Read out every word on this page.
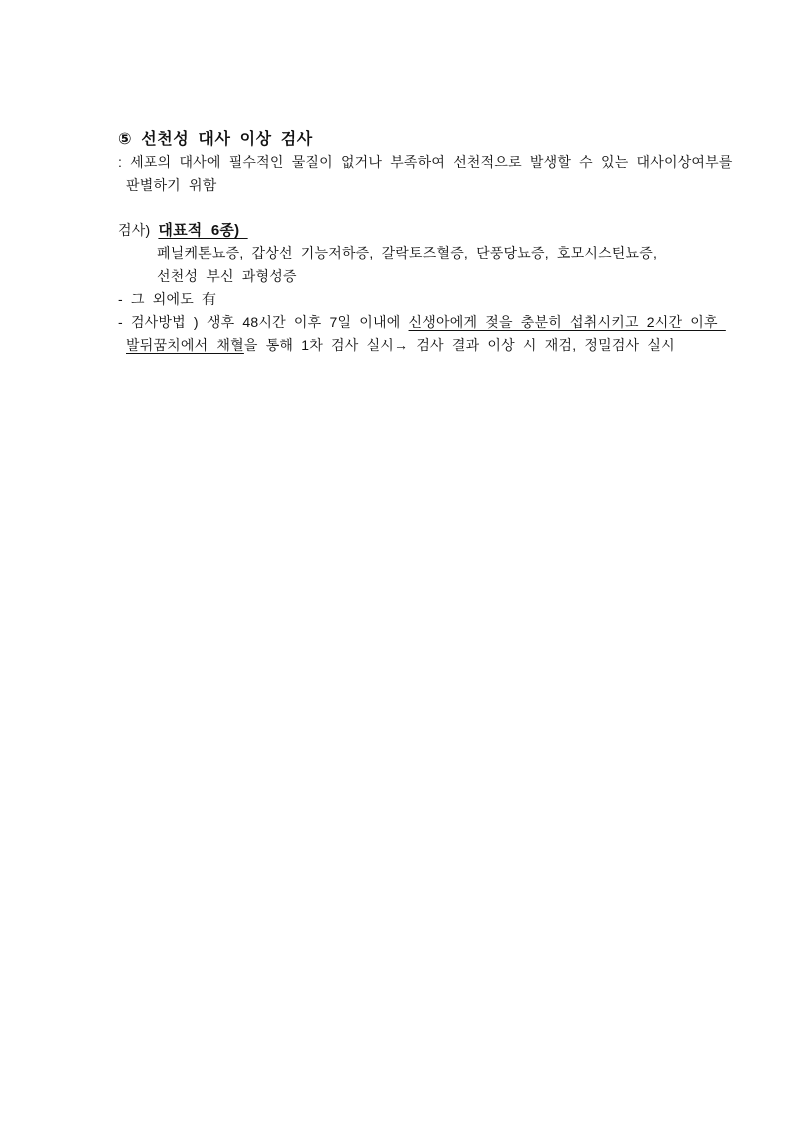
⑤ 선천성 대사 이상 검사
: 세포의 대사에 필수적인 물질이 없거나 부족하여 선천적으로 발생할 수 있는 대사이상여부를
판별하기 위함
검사) 대표적 6종)
페닐케톤뇨증, 갑상선 기능저하증, 갈락토즈혈증, 단풍당뇨증, 호모시스틴뇨증,
선천성 부신 과형성증
- 그 외에도 有
- 검사방법 ) 생후 48시간 이후 7일 이내에 신생아에게 젖을 충분히 섭취시키고 2시간 이후
발뒤꿈치에서 채혈을 통해 1차 검사 실시→ 검사 결과 이상 시 재검, 정밀검사 실시
